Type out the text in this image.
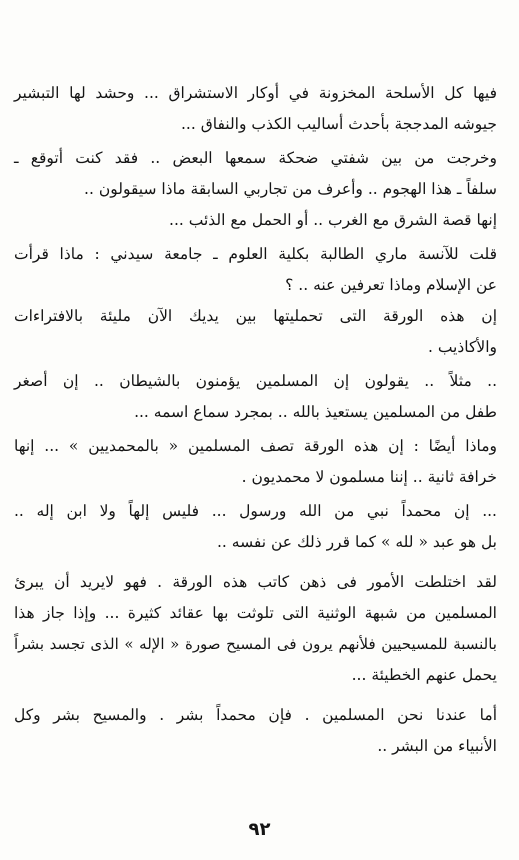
فيها كل الأسلحة المخزونة في أوكار الاستشراق ... وحشد لها التبشير
جيوشه المدججة بأحدث أساليب الكذب والنفاق ...
وخرجت من بين شفتي ضحكة سمعها البعض .. فقد كنت أتوقع ـ
سلفاً ـ هذا الهجوم .. وأعرف من تجاربي السابقة ماذا سيقولون ..
إنها قصة الشرق مع الغرب .. أو الحمل مع الذئب ...
قلت للآنسة ماري الطالبة بكلية العلوم ـ جامعة سيدني : ماذا قرأت
عن الإسلام وماذا تعرفين عنه .. ؟
إن هذه الورقة التى تحمليتها بين يديك الآن مليئة بالافتراءات
والأكاذيب .
.. مثلاً .. يقولون إن المسلمين يؤمنون بالشيطان .. إن أصغر
طفل من المسلمين يستعيذ بالله .. بمجرد سماع اسمه ...
وماذا أيضًا : إن هذه الورقة تصف المسلمين « بالمحمديين » ... إنها
خرافة ثانية .. إننا مسلمون لا محمديون .
... إن محمداً نبي من الله ورسول ... فليس إلهاً ولا ابن إله ..
بل هو عبد « لله » كما قرر ذلك عن نفسه ..
لقد اختلطت الأمور فى ذهن كاتب هذه الورقة . فهو لايريد أن يبرئ
المسلمين من شبهة الوثنية التى تلوثت بها عقائد كثيرة ... وإذا جاز هذا
بالنسبة للمسيحيين فلأنهم يرون فى المسيح صورة « الإله » الذى تجسد بشراً
يحمل عنهم الخطيئة ...
أما عندنا نحن المسلمين . فإن محمداً بشر . والمسيح بشر وكل
الأنبياء من البشر ..
٩٢
